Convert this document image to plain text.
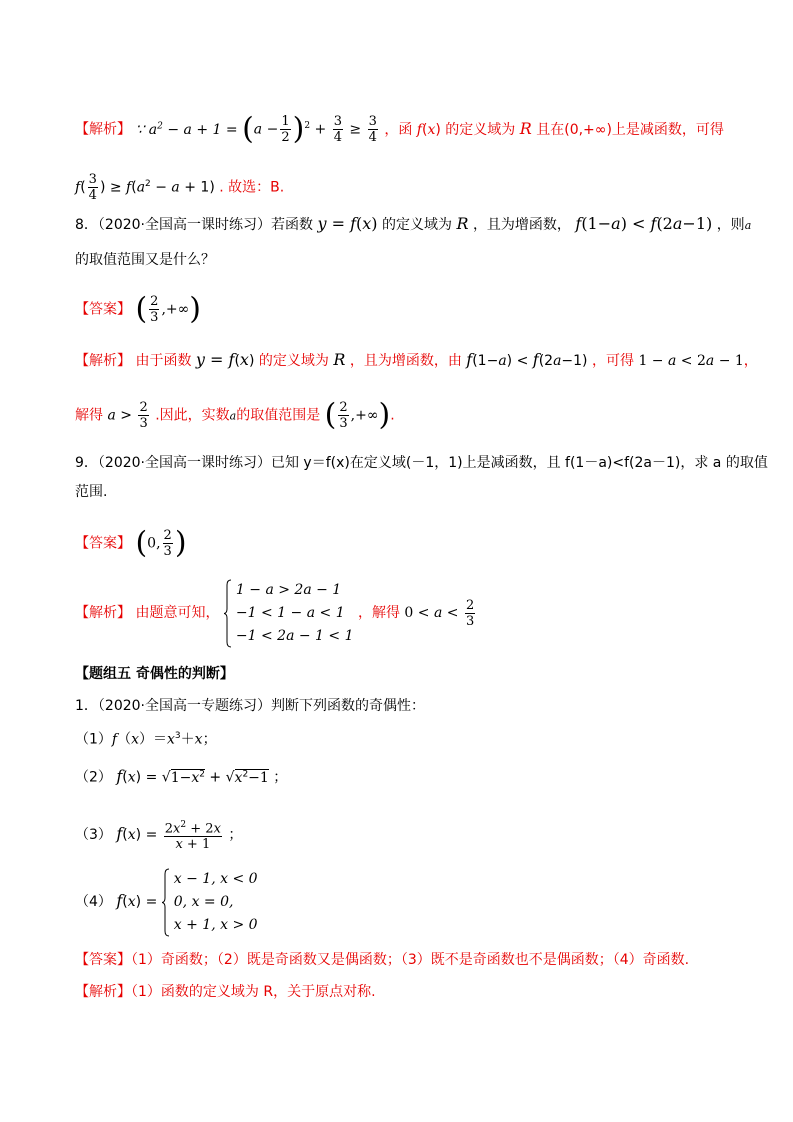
【解析】 ∵ $a^2 - a + 1 = (a - \frac{1}{2} )^2 + \frac{3}{4} \ge \frac{3}{4}$ ，函 f(x) 的定义域为 R 且在(0,+∞)上是减函数，可得
$f( \frac{3}{4}$ ) ≥ $f(a^2 - a + 1)$ . 故选：B.
8．（2020·全国高一课时练习）若函数 y = f(x) 的定义域为 R ，且为增函数， f(1−a) < f(2a−1) ，则a
的取值范围又是什么？
【答案】 ( $\frac{2}{3}$ ,+∞)
【解析】 由于函数 y = f(x) 的定义域为 R ，且为增函数，由 f(1−a) < f(2a−1) ，可得 1 − a < 2a − 1，
解得 $a > \frac{2}{3}$ .因此，实数a的取值范围是 ( $\frac{2}{3}$ ,+∞).
9．（2020·全国高一课时练习）已知 y＝f(x)在定义域(－1，1)上是减函数，且 f(1－a)<f(2a－1)，求 a 的取值
范围.
【答案】 (0, $\frac{2}{3}$ )
【解析】 由题意可知，
1 − a > 2a − 1
−1 < 1 − a < 1
−1 < 2a − 1 < 1
，解得 $0 < a < \frac{2}{3}$
【题组五 奇偶性的判断】
1．（2020·全国高一专题练习）判断下列函数的奇偶性：
$(1)f(x)=x^3+x$；
（2） $f(x) = √1-x^2 + √x^2-1$ ；
（3） $f(x) = \frac{2x^2 + 2x}{x + 1}$ ；
（4） f(x) =
x − 1, x < 0
0, x = 0,
x + 1, x > 0
【答案】（1）奇函数；（2）既是奇函数又是偶函数；（3）既不是奇函数也不是偶函数；（4）奇函数.
【解析】（1）函数的定义域为 R，关于原点对称.
